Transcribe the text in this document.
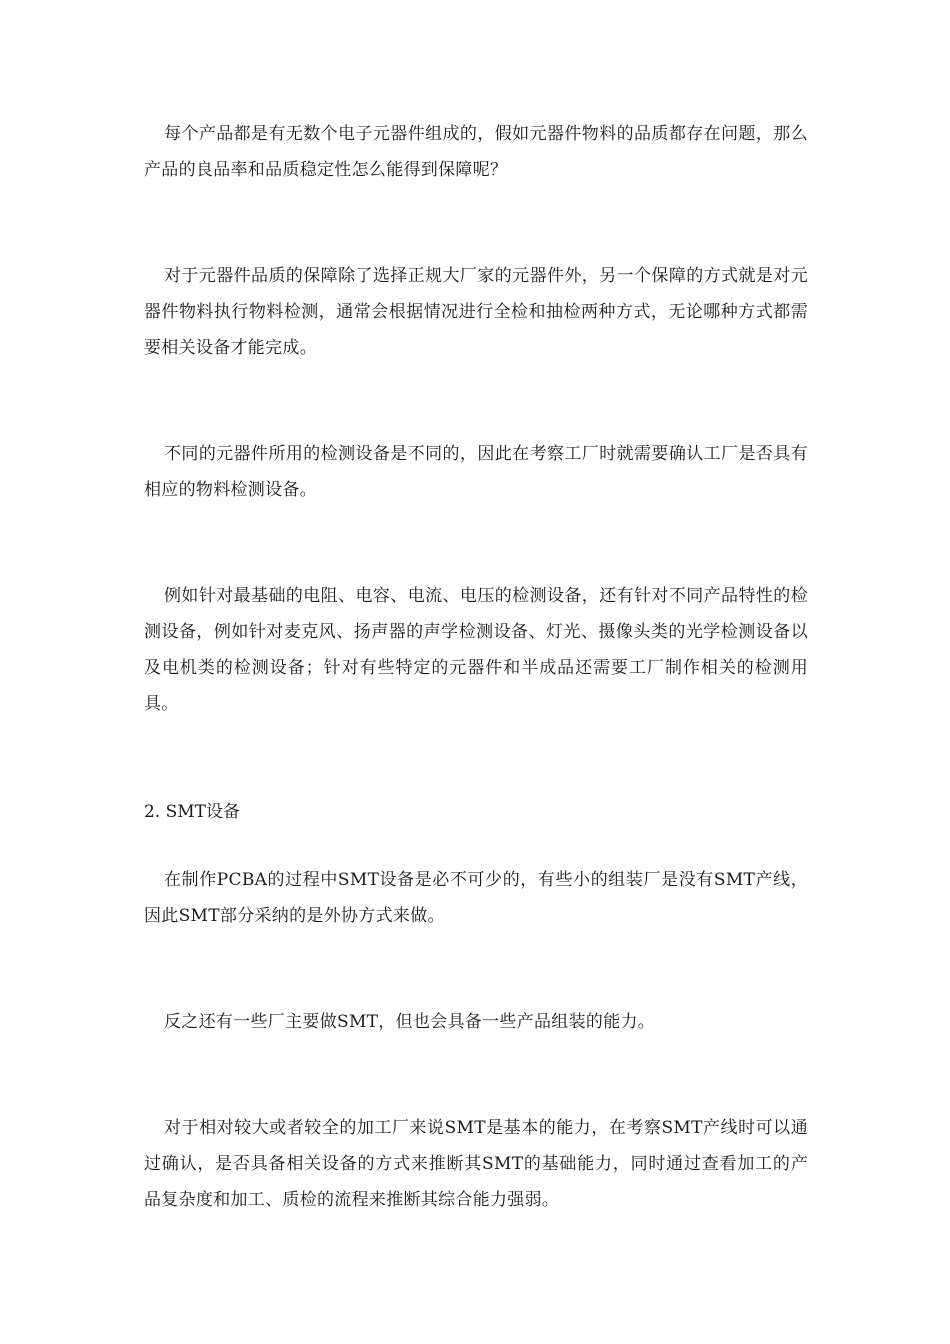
每个产品都是有无数个电子元器件组成的，假如元器件物料的品质都存在问题，那么产品的良品率和品质稳定性怎么能得到保障呢？

对于元器件品质的保障除了选择正规大厂家的元器件外，另一个保障的方式就是对元器件物料执行物料检测，通常会根据情况进行全检和抽检两种方式，无论哪种方式都需要相关设备才能完成。

不同的元器件所用的检测设备是不同的，因此在考察工厂时就需要确认工厂是否具有相应的物料检测设备。

例如针对最基础的电阻、电容、电流、电压的检测设备，还有针对不同产品特性的检测设备，例如针对麦克风、扬声器的声学检测设备、灯光、摄像头类的光学检测设备以及电机类的检测设备；针对有些特定的元器件和半成品还需要工厂制作相关的检测用具。

2. SMT设备

在制作PCBA的过程中SMT设备是必不可少的，有些小的组装厂是没有SMT产线，因此SMT部分采纳的是外协方式来做。

反之还有一些厂主要做SMT，但也会具备一些产品组装的能力。

对于相对较大或者较全的加工厂来说SMT是基本的能力，在考察SMT产线时可以通过确认，是否具备相关设备的方式来推断其SMT的基础能力，同时通过查看加工的产品复杂度和加工、质检的流程来推断其综合能力强弱。
